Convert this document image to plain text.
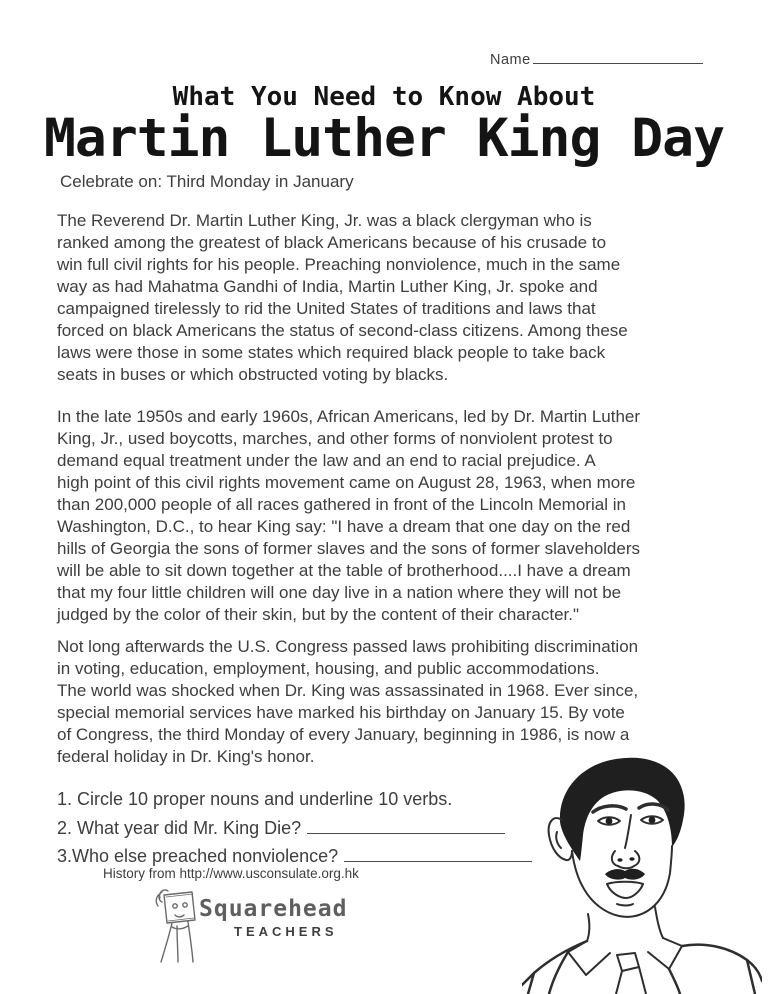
Name
What You Need to Know About
Martin Luther King Day
Celebrate on: Third Monday in January
The Reverend Dr. Martin Luther King, Jr. was a black clergyman who is
ranked among the greatest of black Americans because of his crusade to
win full civil rights for his people. Preaching nonviolence, much in the same
way as had Mahatma Gandhi of India, Martin Luther King, Jr. spoke and
campaigned tirelessly to rid the United States of traditions and laws that
forced on black Americans the status of second-class citizens. Among these
laws were those in some states which required black people to take back
seats in buses or which obstructed voting by blacks.
In the late 1950s and early 1960s, African Americans, led by Dr. Martin Luther
King, Jr., used boycotts, marches, and other forms of nonviolent protest to
demand equal treatment under the law and an end to racial prejudice. A
high point of this civil rights movement came on August 28, 1963, when more
than 200,000 people of all races gathered in front of the Lincoln Memorial in
Washington, D.C., to hear King say: "I have a dream that one day on the red
hills of Georgia the sons of former slaves and the sons of former slaveholders
will be able to sit down together at the table of brotherhood....I have a dream
that my four little children will one day live in a nation where they will not be
judged by the color of their skin, but by the content of their character."
Not long afterwards the U.S. Congress passed laws prohibiting discrimination
in voting, education, employment, housing, and public accommodations.
The world was shocked when Dr. King was assassinated in 1968. Ever since,
special memorial services have marked his birthday on January 15. By vote
of Congress, the third Monday of every January, beginning in 1986, is now a
federal holiday in Dr. King's honor.
1. Circle 10 proper nouns and underline 10 verbs.
2. What year did Mr. King Die?
3.Who else preached nonviolence?
History from http://www.usconsulate.org.hk
Squarehead
TEACHERS
